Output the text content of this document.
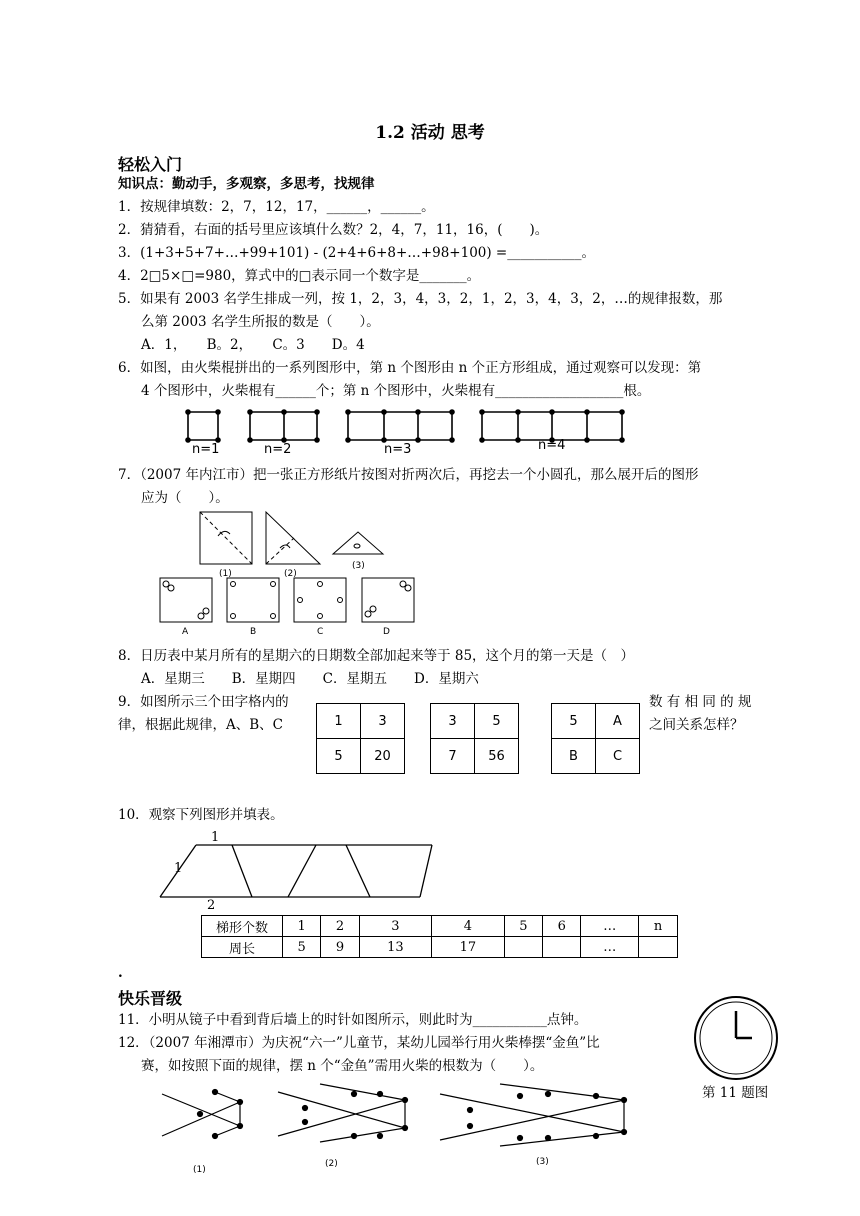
1.2 活动 思考
轻松入门
知识点：勤动手，多观察，多思考，找规律
1．按规律填数：2，7，12，17，______，______。
2．猜猜看，右面的括号里应该填什么数？2，4，7，11，16，(　　)。
3．(1+3+5+7+…+99+101) - (2+4+6+8+…+98+100) =___________。
4．2□5×□=980，算式中的□表示同一个数字是_______。
5．如果有 2003 名学生排成一列，按 1，2，3，4，3，2，1，2，3，4，3，2，…的规律报数，那
么第 2003 名学生所报的数是（　　）。
A．1，　　B。2，　　C。3　　D。4
6．如图，由火柴棍拼出的一系列图形中，第 n 个图形由 n 个正方形组成，通过观察可以发现：第
4 个图形中，火柴棍有______个；第 n 个图形中，火柴棍有___________________根。
n=1	n=2	n=3	n=4
7．（2007 年内江市）把一张正方形纸片按图对折两次后，再挖去一个小圆孔，那么展开后的图形
应为（　　）。
(1)	(2)
(3)
A	B	C	D
8．日历表中某月所有的星期六的日期数全部加起来等于 85，这个月的第一天是（　）
A．星期三　　B．星期四　　C．星期五　　D．星期六
9．如图所示三个田字格内的
律，根据此规律，A、B、C
数 有 相 同 的 规
之间关系怎样？
1	3
5	20
3	5
7	56
5	A
B	C
10．观察下列图形并填表。
1
1
2
梯形个数	1	2	3	4	5	6	…	n
周长	5	9	13	17			…	
.
快乐晋级
11．小明从镜子中看到背后墙上的时针如图所示，则此时为___________点钟。
12．（2007 年湘潭市）为庆祝“六一”儿童节，某幼儿园举行用火柴棒摆“金鱼”比
赛，如按照下面的规律，摆 n 个“金鱼”需用火柴的根数为（　　）。
第 11 题图
(1)
(2)	(3)
